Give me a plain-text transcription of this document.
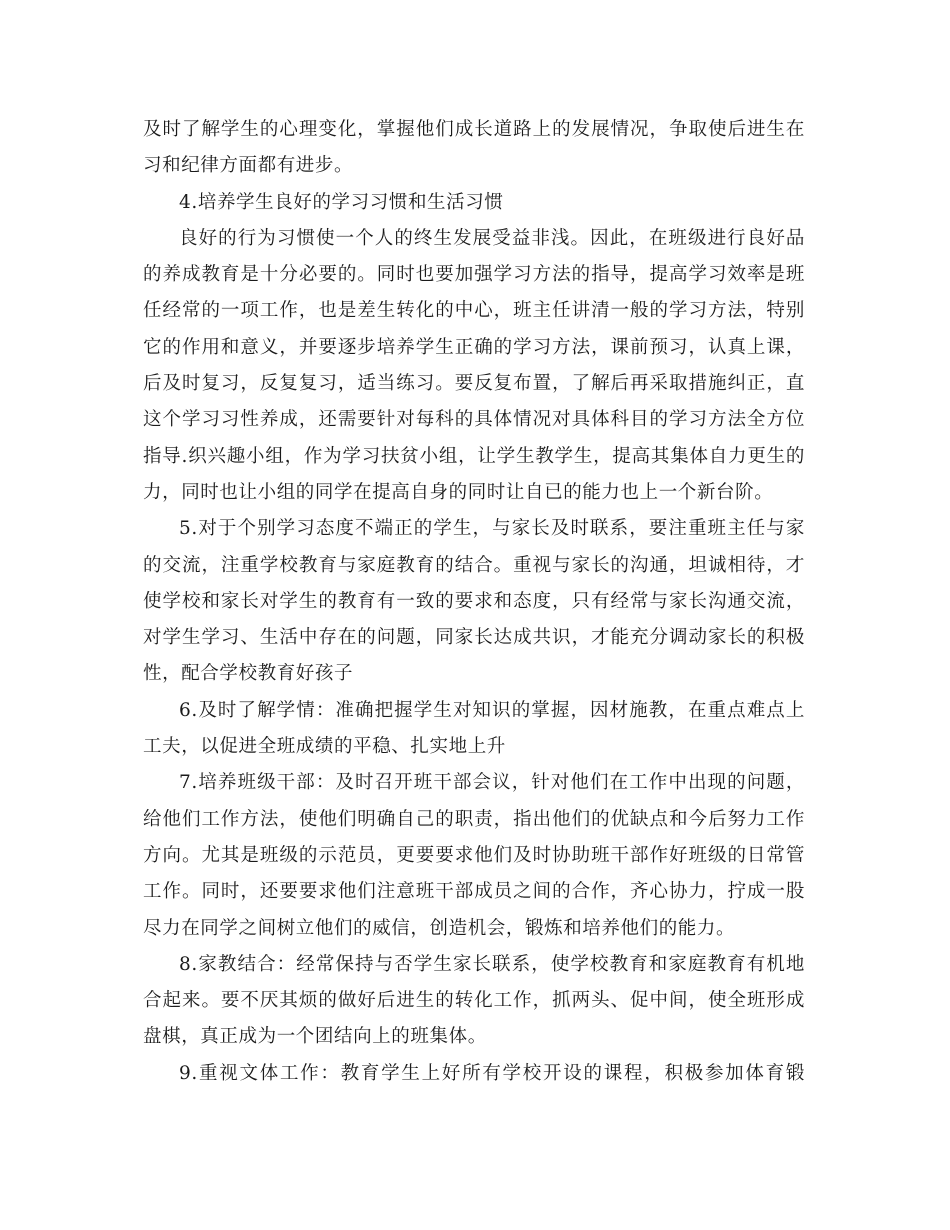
及时了解学生的心理变化，掌握他们成长道路上的发展情况，争取使后进生在
习和纪律方面都有进步。
4.培养学生良好的学习习惯和生活习惯
良好的行为习惯使一个人的终生发展受益非浅。因此，在班级进行良好品
的养成教育是十分必要的。同时也要加强学习方法的指导，提高学习效率是班
任经常的一项工作，也是差生转化的中心，班主任讲清一般的学习方法，特别
它的作用和意义，并要逐步培养学生正确的学习方法，课前预习，认真上课，
后及时复习，反复复习，适当练习。要反复布置，了解后再采取措施纠正，直
这个学习习性养成，还需要针对每科的具体情况对具体科目的学习方法全方位
指导.织兴趣小组，作为学习扶贫小组，让学生教学生，提高其集体自力更生的
力，同时也让小组的同学在提高自身的同时让自已的能力也上一个新台阶。
5.对于个别学习态度不端正的学生，与家长及时联系，要注重班主任与家
的交流，注重学校教育与家庭教育的结合。重视与家长的沟通，坦诚相待，才
使学校和家长对学生的教育有一致的要求和态度，只有经常与家长沟通交流，
对学生学习、生活中存在的问题，同家长达成共识，才能充分调动家长的积极
性，配合学校教育好孩子
6.及时了解学情：准确把握学生对知识的掌握，因材施教，在重点难点上
工夫，以促进全班成绩的平稳、扎实地上升
7.培养班级干部：及时召开班干部会议，针对他们在工作中出现的问题，
给他们工作方法，使他们明确自己的职责，指出他们的优缺点和今后努力工作
方向。尤其是班级的示范员，更要要求他们及时协助班干部作好班级的日常管
工作。同时，还要要求他们注意班干部成员之间的合作，齐心协力，拧成一股
尽力在同学之间树立他们的威信，创造机会，锻炼和培养他们的能力。
8.家教结合：经常保持与否学生家长联系，使学校教育和家庭教育有机地
合起来。要不厌其烦的做好后进生的转化工作，抓两头、促中间，使全班形成
盘棋，真正成为一个团结向上的班集体。
9.重视文体工作：教育学生上好所有学校开设的课程，积极参加体育锻
